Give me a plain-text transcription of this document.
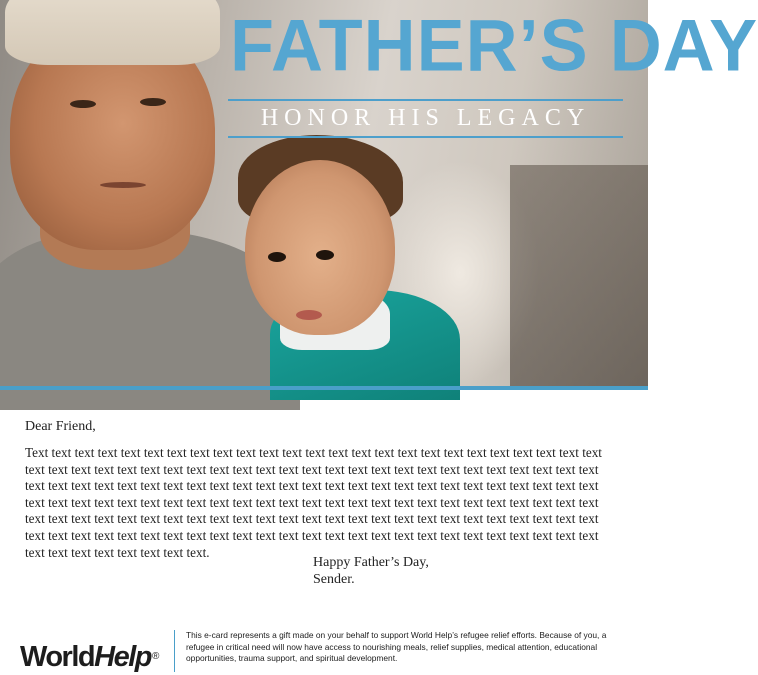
FATHER’S DAY
HONOR HIS LEGACY
Dear Friend,
Text text text text text text text text text text text text text text text text text text text text text text text text text text text text text text text text text text text text text text text text text text text text text text text text text text text text text text text text text text text text text text text text text text text text text text text text text text text text text text text text text text text text text text text text text text text text text text text text text text text text text text text text text text text text text text text text text text text text text text text text text text text text text text text text text text text text text text text text text text text text text text text text text text text text text text text text text text text text text text.
Happy Father’s Day,
Sender.
WorldHelp®
This e-card represents a gift made on your behalf to support World Help’s refugee relief efforts. Because of you, a refugee in critical need will now have access to nourishing meals, relief supplies, medical attention, educational opportunities, trauma support, and spiritual development.
